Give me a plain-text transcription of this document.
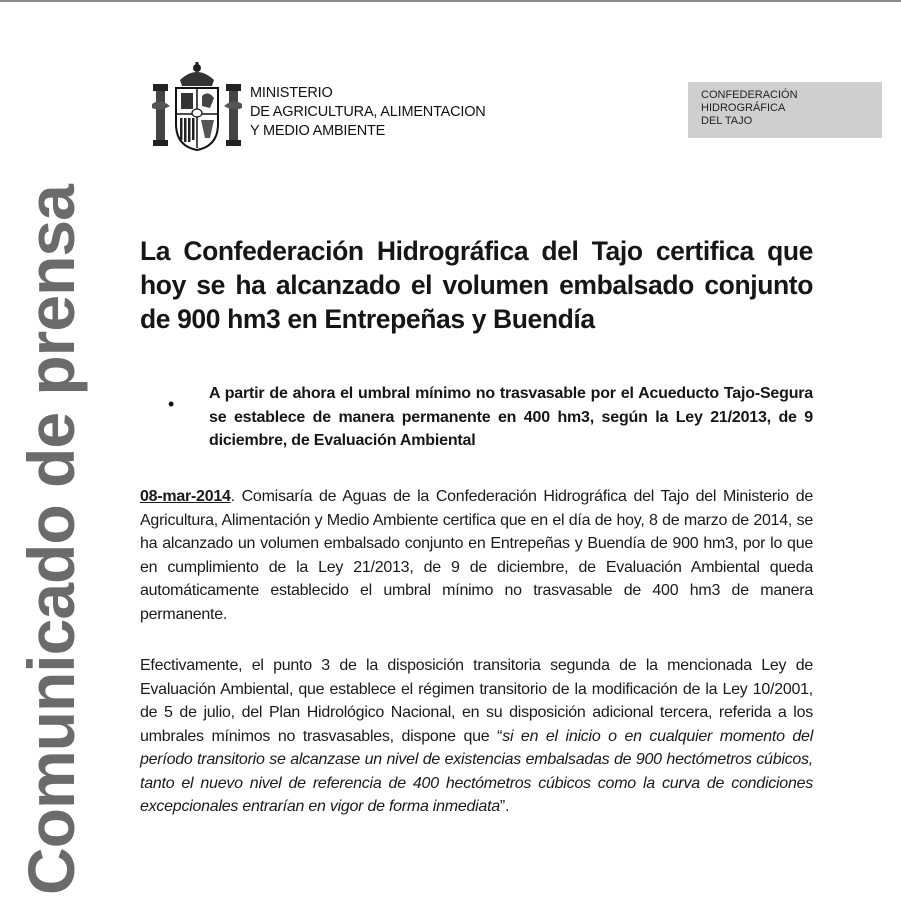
MINISTERIO
DE AGRICULTURA, ALIMENTACION
Y MEDIO AMBIENTE
CONFEDERACIÓN
HIDROGRÁFICA
DEL TAJO
Comunicado de prensa La Confederación Hidrográfica del Tajo certifica que hoy se ha alcanzado el volumen embalsado conjunto de 900 hm3 en Entrepeñas y Buendía
•

A partir de ahora el umbral mínimo no trasvasable por el Acueducto Tajo-Segura se establece de manera permanente en 400 hm3, según la Ley 21/2013, de 9 diciembre, de Evaluación Ambiental

08-mar-2014. Comisaría de Aguas de la Confederación Hidrográfica del Tajo del Ministerio de Agricultura, Alimentación y Medio Ambiente certifica que en el día de hoy, 8 de marzo de 2014, se ha alcanzado un volumen embalsado conjunto en Entrepeñas y Buendía de 900 hm3, por lo que en cumplimiento de la Ley 21/2013, de 9 de diciembre, de Evaluación Ambiental queda automáticamente establecido el umbral mínimo no trasvasable de 400 hm3 de manera permanente.

Efectivamente, el punto 3 de la disposición transitoria segunda de la mencionada Ley de Evaluación Ambiental, que establece el régimen transitorio de la modificación de la Ley 10/2001, de 5 de julio, del Plan Hidrológico Nacional, en su disposición adicional tercera, referida a los umbrales mínimos no trasvasables, dispone que “si en el inicio o en cualquier momento del período transitorio se alcanzase un nivel de existencias embalsadas de 900 hectómetros cúbicos, tanto el nuevo nivel de referencia de 400 hectómetros cúbicos como la curva de condiciones excepcionales entrarían en vigor de forma inmediata”.
